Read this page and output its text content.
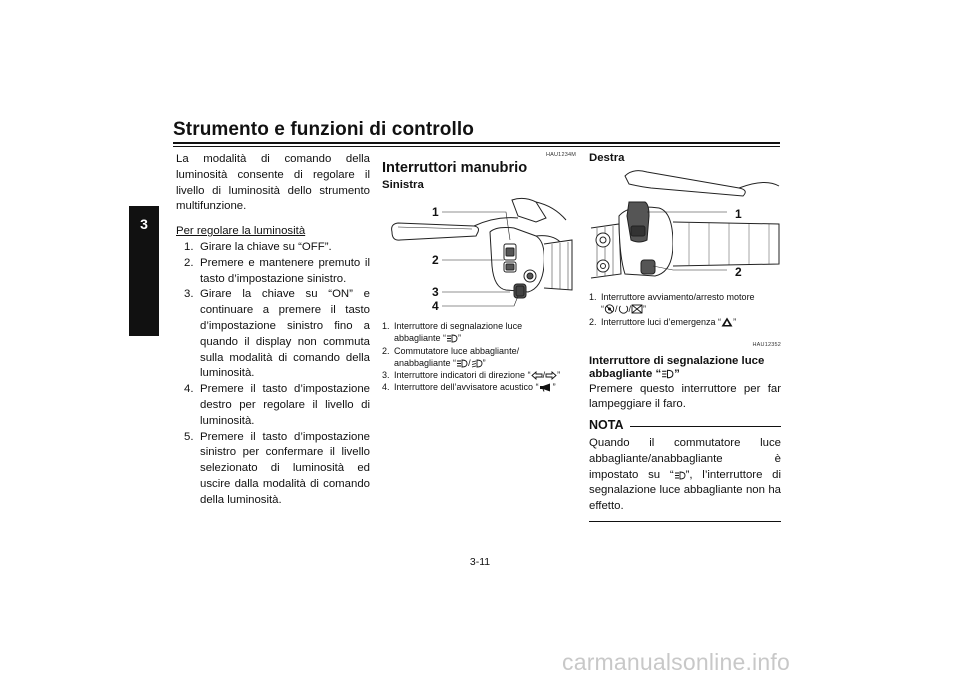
Strumento e funzioni di controllo
3

La modalità di comando della luminosità consente di regolare il livello di luminosità dello strumento multifunzione.

Per regolare la luminosità

1. Girare la chiave su “OFF”.
2. Premere e mantenere premuto il tasto d’impostazione sinistro.
3. Girare la chiave su “ON” e continuare a premere il tasto d’impostazione sinistro fino a quando il display non commuta sulla modalità di comando della luminosità.
4. Premere il tasto d’impostazione destro per regolare il livello di luminosità.
5. Premere il tasto d’impostazione sinistro per confermare il livello selezionato di luminosità ed uscire dalla modalità di comando della luminosità.
HAU1234M
Interruttori manubrio
Sinistra
1
2
3
4
1. Interruttore di segnalazione luce
abbagliante “ ”
2. Commutatore luce abbagliante/
anabbagliante “ / ”
3. Interruttore indicatori di direzione “ / ”
4. Interruttore dell’avvisatore acustico “ ”
Destra
1
2
1. Interruttore avviamento/arresto motore
“ / / ”
2. Interruttore luci d’emergenza “ ”
HAU12352
Interruttore di segnalazione luce
abbagliante “ ”

Premere questo interruttore per far lampeggiare il faro.

NOTA

Quando il commutatore luce abbagliante/anabbagliante è impostato su “ ”, l’interruttore di segnalazione luce abbagliante non ha effetto.

3-11
carmanualsonline.info
